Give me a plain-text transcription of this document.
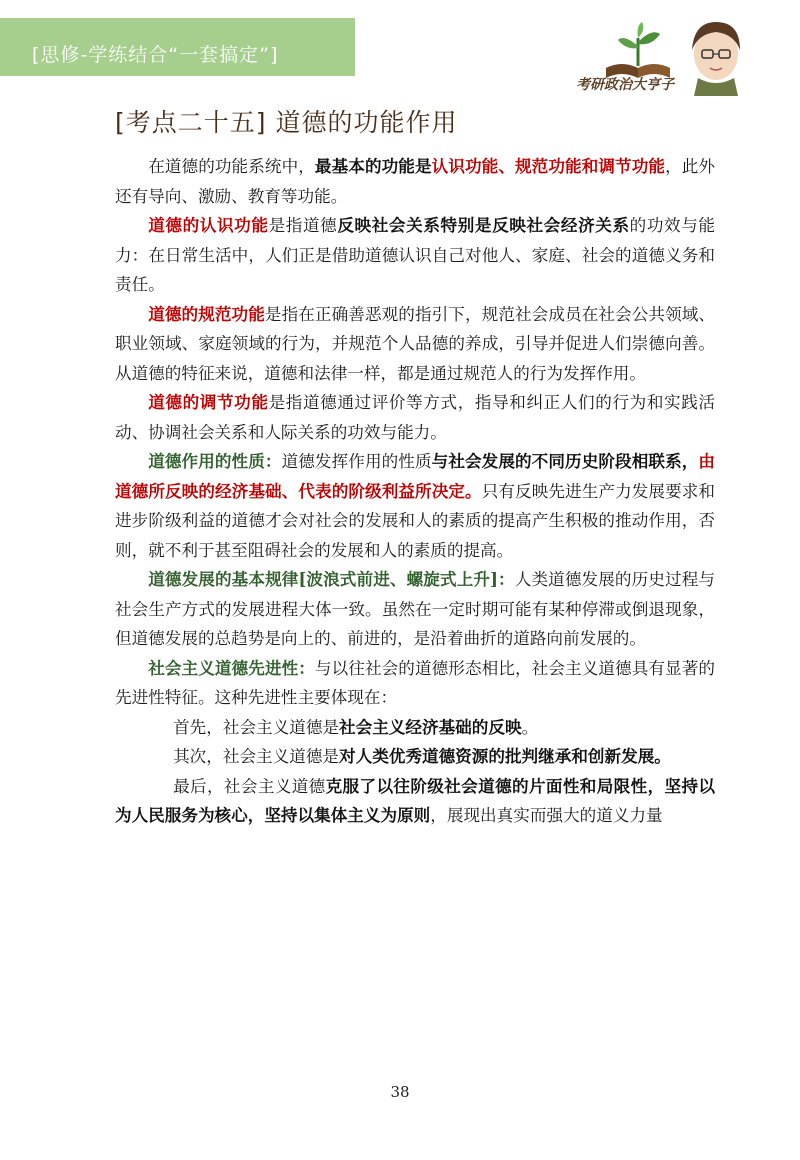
[思修-学练结合“一套搞定”]
考研政治大亨子
[考点二十五] 道德的功能作用

在道德的功能系统中，最基本的功能是认识功能、规范功能和调节功能，此外还有导向、激励、教育等功能。

道德的认识功能是指道德反映社会关系特别是反映社会经济关系的功效与能力：在日常生活中，人们正是借助道德认识自己对他人、家庭、社会的道德义务和责任。

道德的规范功能是指在正确善恶观的指引下，规范社会成员在社会公共领域、职业领域、家庭领域的行为，并规范个人品德的养成，引导并促进人们崇德向善。从道德的特征来说，道德和法律一样，都是通过规范人的行为发挥作用。

道德的调节功能是指道德通过评价等方式，指导和纠正人们的行为和实践活动、协调社会关系和人际关系的功效与能力。

道德作用的性质：道德发挥作用的性质与社会发展的不同历史阶段相联系，由道德所反映的经济基础、代表的阶级利益所决定。只有反映先进生产力发展要求和进步阶级利益的道德才会对社会的发展和人的素质的提高产生积极的推动作用，否则，就不利于甚至阻碍社会的发展和人的素质的提高。

道德发展的基本规律[波浪式前进、螺旋式上升]：人类道德发展的历史过程与社会生产方式的发展进程大体一致。虽然在一定时期可能有某种停滞或倒退现象，但道德发展的总趋势是向上的、前进的，是沿着曲折的道路向前发展的。

社会主义道德先进性：与以往社会的道德形态相比，社会主义道德具有显著的先进性特征。这种先进性主要体现在：

首先，社会主义道德是社会主义经济基础的反映。

其次，社会主义道德是对人类优秀道德资源的批判继承和创新发展。

最后，社会主义道德克服了以往阶级社会道德的片面性和局限性，坚持以为人民服务为核心，坚持以集体主义为原则，展现出真实而强大的道义力量

38
